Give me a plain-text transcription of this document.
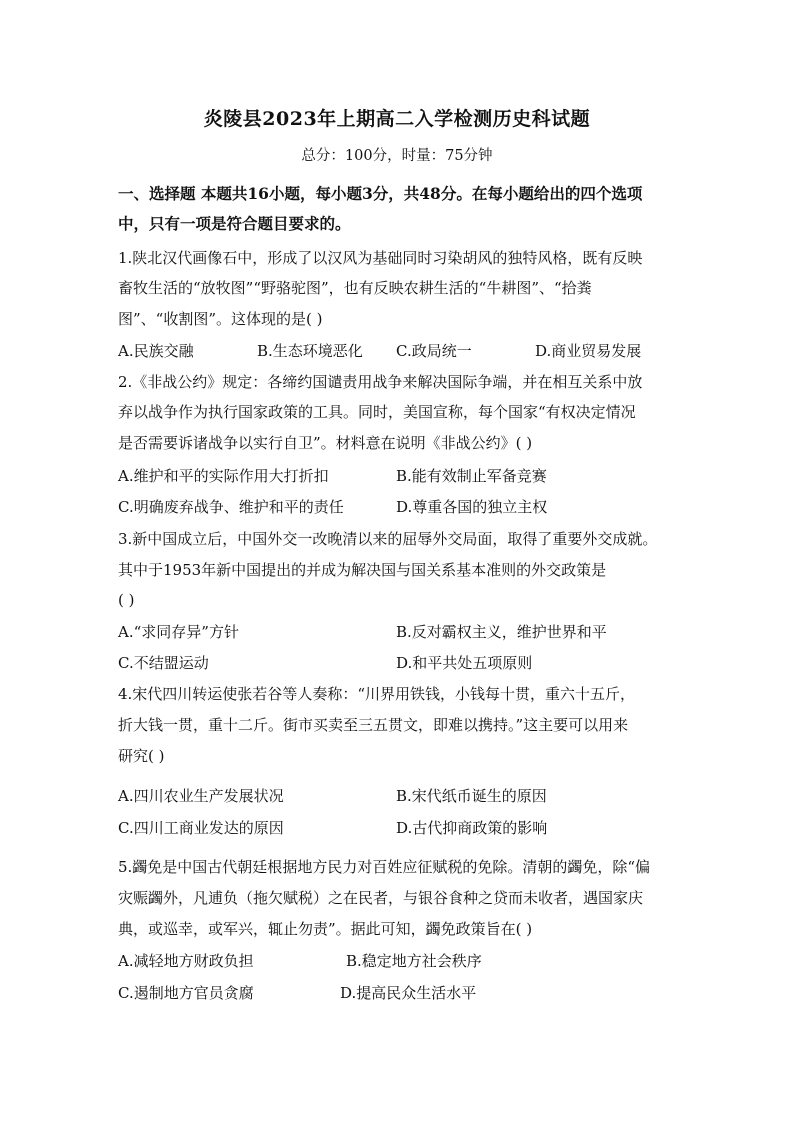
炎陵县2023年上期高二入学检测历史科试题
总分：100分，时量：75分钟
一、选择题 本题共16小题，每小题3分，共48分。在每小题给出的四个选项
中，只有一项是符合题目要求的。
1.陕北汉代画像石中，形成了以汉风为基础同时习染胡风的独特风格，既有反映
畜牧生活的“放牧图”“野骆驼图”，也有反映农耕生活的“牛耕图”、“拾粪
图”、“收割图”。这体现的是( )
A.民族交融	B.生态环境恶化 C.政局统一	D.商业贸易发展
2.《非战公约》规定：各缔约国谴责用战争来解决国际争端，并在相互关系中放
弃以战争作为执行国家政策的工具。同时，美国宣称，每个国家“有权决定情况
是否需要诉诸战争以实行自卫”。材料意在说明《非战公约》( )
A.维护和平的实际作用大打折扣	B.能有效制止军备竞赛
C.明确废弃战争、维护和平的责任	D.尊重各国的独立主权
3.新中国成立后，中国外交一改晚清以来的屈辱外交局面，取得了重要外交成就。
其中于1953年新中国提出的并成为解决国与国关系基本准则的外交政策是
( )
A.“求同存异”方针	B.反对霸权主义，维护世界和平
C.不结盟运动	D.和平共处五项原则
4.宋代四川转运使张若谷等人奏称：“川界用铁钱，小钱每十贯，重六十五斤，
折大钱一贯，重十二斤。街市买卖至三五贯文，即难以携持。”这主要可以用来
研究( )
A.四川农业生产发展状况	B.宋代纸币诞生的原因
C.四川工商业发达的原因	D.古代抑商政策的影响
5.蠲免是中国古代朝廷根据地方民力对百姓应征赋税的免除。清朝的蠲免，除“偏
灾赈蠲外，凡逋负（拖欠赋税）之在民者，与银谷食种之贷而未收者，遇国家庆
典，或巡幸，或军兴，辄止勿责”。据此可知，蠲免政策旨在( )
A.减轻地方财政负担	B.稳定地方社会秩序
C.遏制地方官员贪腐	D.提高民众生活水平
